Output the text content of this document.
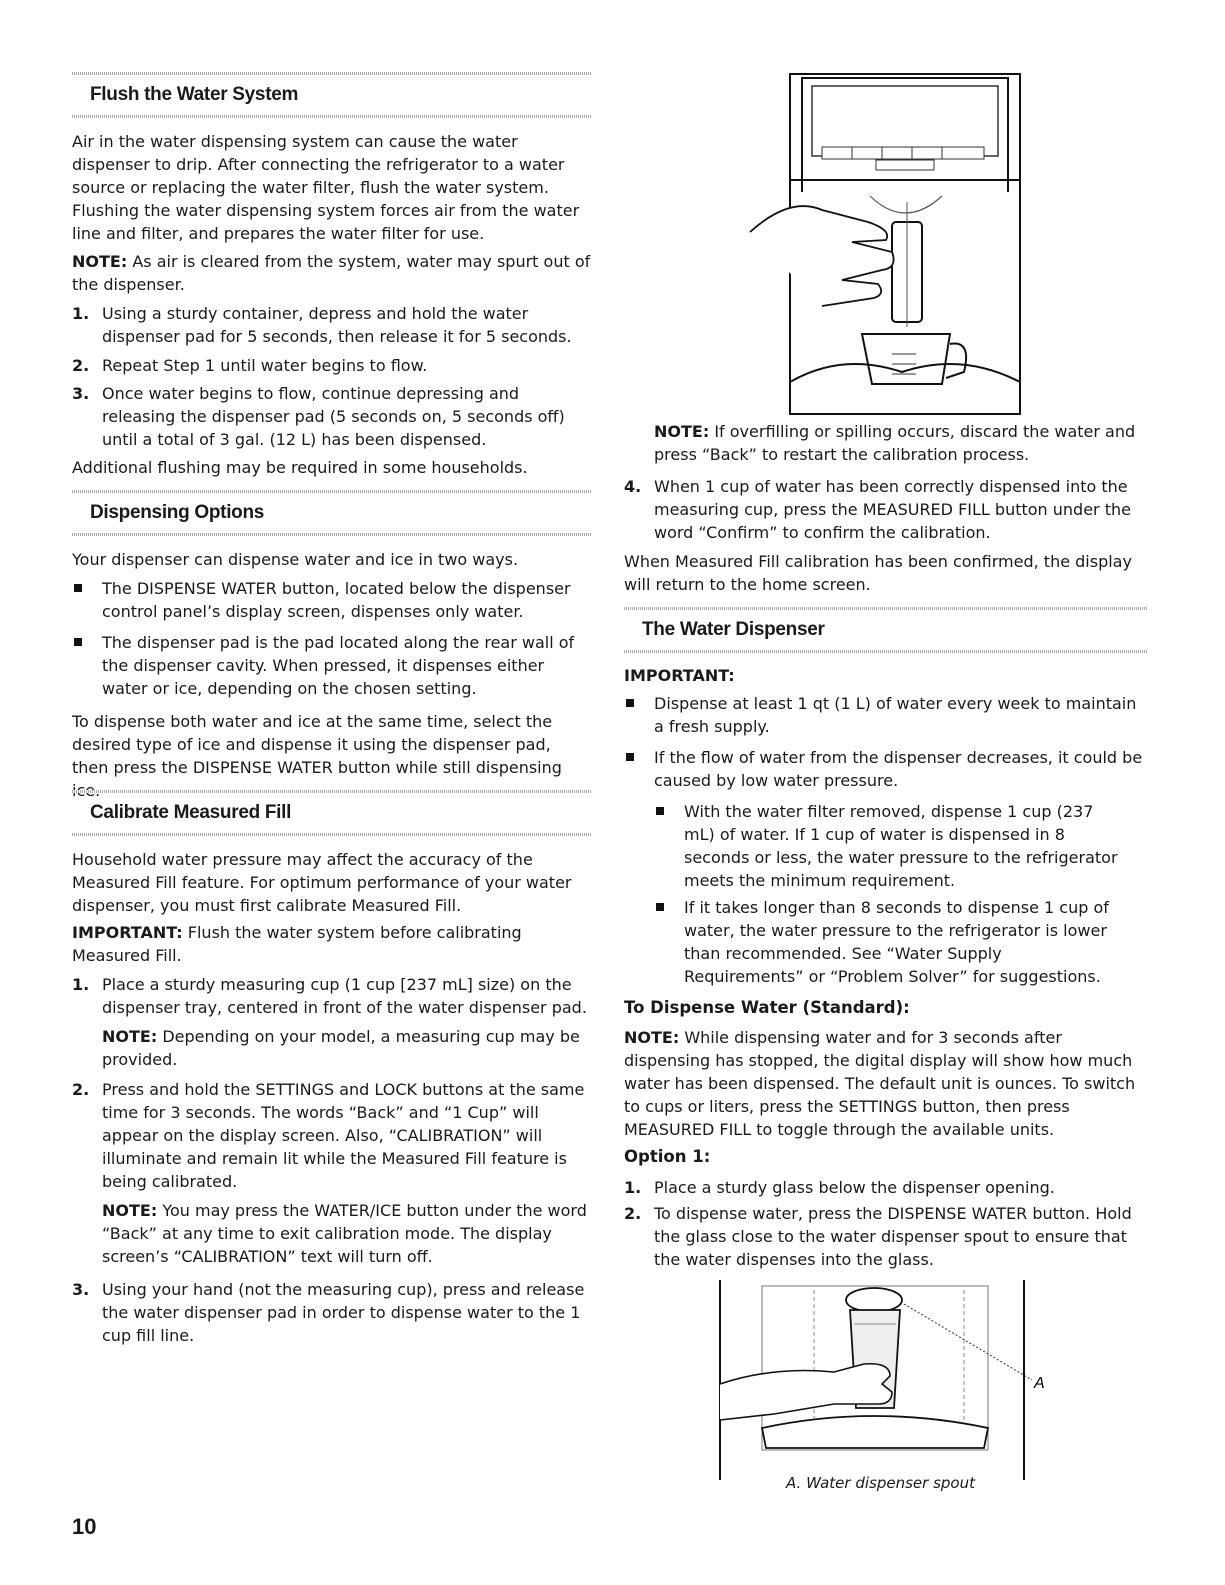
Flush the Water System

Air in the water dispensing system can cause the water dispenser to drip. After connecting the refrigerator to a water source or replacing the water filter, flush the water system. Flushing the water dispensing system forces air from the water line and filter, and prepares the water filter for use.

NOTE: As air is cleared from the system, water may spurt out of the dispenser.

1. Using a sturdy container, depress and hold the water dispenser pad for 5 seconds, then release it for 5 seconds.

2. Repeat Step 1 until water begins to flow.

3. Once water begins to flow, continue depressing and releasing the dispenser pad (5 seconds on, 5 seconds off) until a total of 3 gal. (12 L) has been dispensed.

Additional flushing may be required in some households.

Dispensing Options

Your dispenser can dispense water and ice in two ways.

The DISPENSE WATER button, located below the dispenser control panel’s display screen, dispenses only water.

The dispenser pad is the pad located along the rear wall of the dispenser cavity. When pressed, it dispenses either water or ice, depending on the chosen setting.

To dispense both water and ice at the same time, select the desired type of ice and dispense it using the dispenser pad, then press the DISPENSE WATER button while still dispensing

Calibrate Measured Fill

Household water pressure may affect the accuracy of the Measured Fill feature. For optimum performance of your water dispenser, you must first calibrate Measured Fill.

IMPORTANT: Flush the water system before calibrating Measured Fill.

1. Place a sturdy measuring cup (1 cup [237 mL] size) on the dispenser tray, centered in front of the water dispenser pad.

NOTE: Depending on your model, a measuring cup may be provided.

2. Press and hold the SETTINGS and LOCK buttons at the same time for 3 seconds. The words “Back” and “1 Cup” will appear on the display screen. Also, “CALIBRATION” will illuminate and remain lit while the Measured Fill feature is being calibrated.

NOTE: You may press the WATER/ICE button under the word “Back” at any time to exit calibration mode. The display screen’s “CALIBRATION” text will turn off.

3. Using your hand (not the measuring cup), press and release the water dispenser pad in order to dispense water to the 1 cup fill line.

NOTE: If overfilling or spilling occurs, discard the water and press “Back” to restart the calibration process.

4. When 1 cup of water has been correctly dispensed into the measuring cup, press the MEASURED FILL button under the word “Confirm” to confirm the calibration.

When Measured Fill calibration has been confirmed, the display will return to the home screen.

The Water Dispenser

IMPORTANT:

Dispense at least 1 qt (1 L) of water every week to maintain a fresh supply.

If the flow of water from the dispenser decreases, it could be caused by low water pressure.

With the water filter removed, dispense 1 cup (237 mL) of water. If 1 cup of water is dispensed in 8 seconds or less, the water pressure to the refrigerator meets the minimum requirement.

If it takes longer than 8 seconds to dispense 1 cup of water, the water pressure to the refrigerator is lower than recommended. See “Water Supply Requirements” or “Problem Solver” for suggestions.

To Dispense Water (Standard):

NOTE: While dispensing water and for 3 seconds after dispensing has stopped, the digital display will show how much water has been dispensed. The default unit is ounces. To switch to cups or liters, press the SETTINGS button, then press MEASURED FILL to toggle through the available units.

Option 1:

1. Place a sturdy glass below the dispenser opening.

2. To dispense water, press the DISPENSE WATER button. Hold the glass close to the water dispenser spout to ensure that the water dispenses into the glass.

A

A. Water dispenser spout

10
